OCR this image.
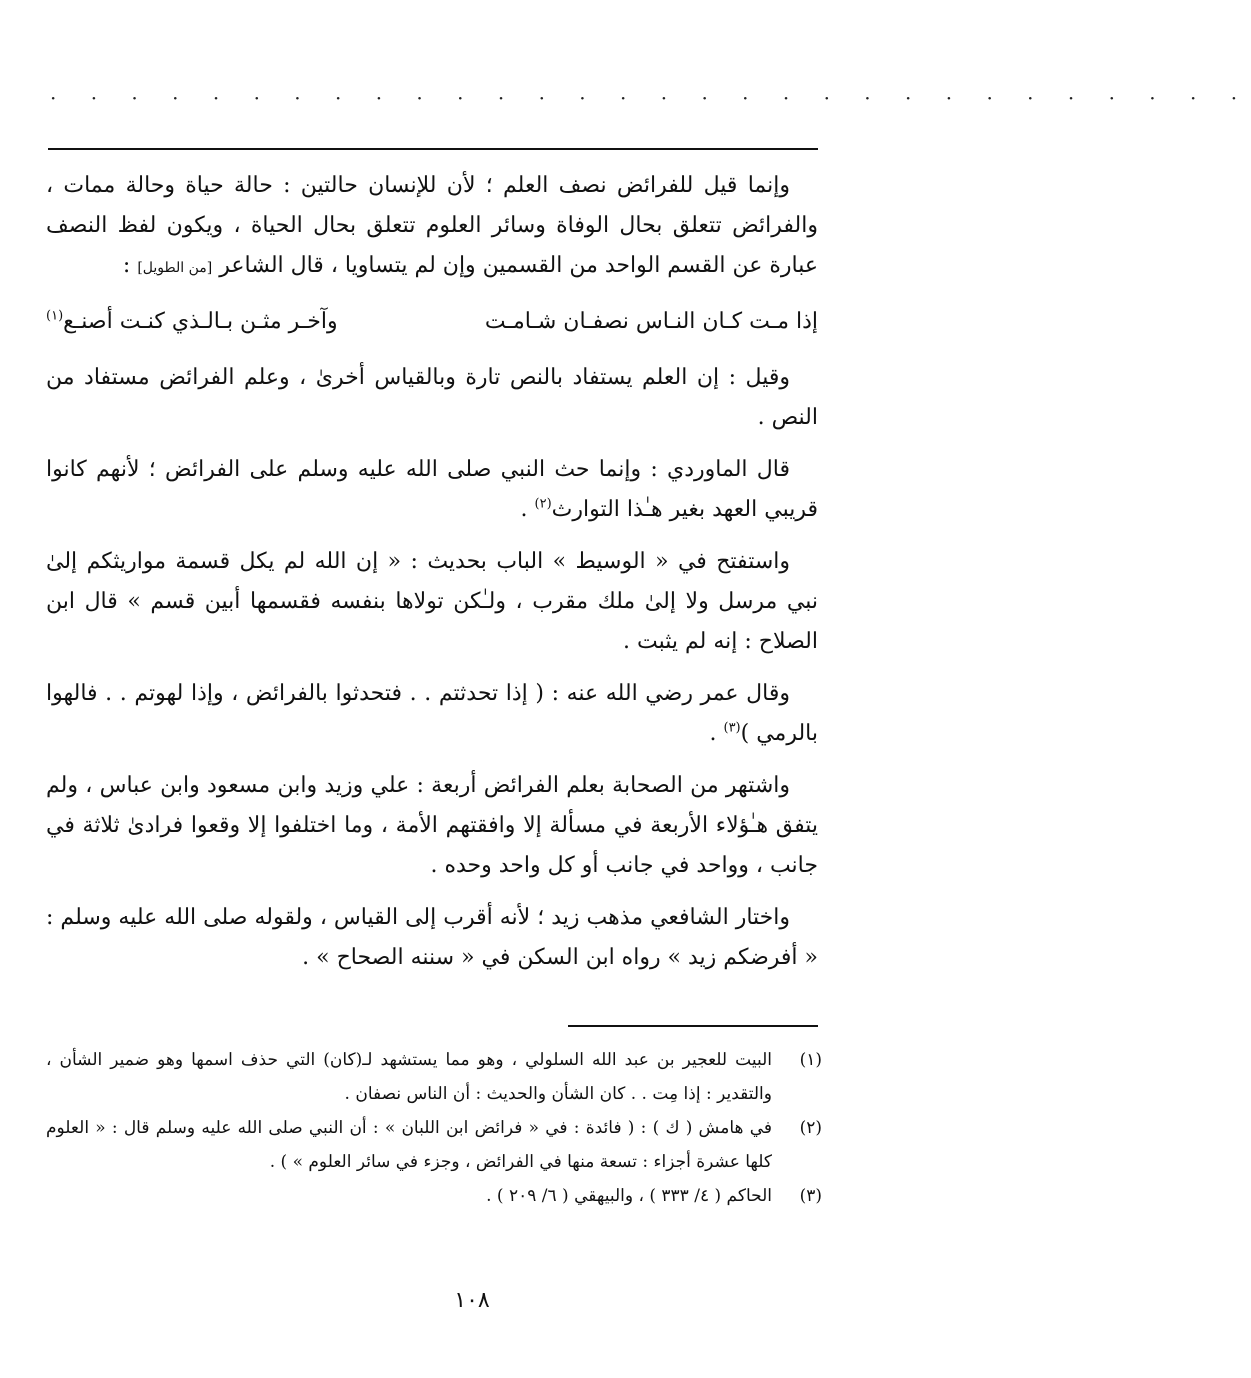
· · · · · · · · · · · · · · · · · · · · · · · · · · · · · ·

وإنما قيل للفرائض نصف العلم ؛ لأن للإنسان حالتين : حالة حياة وحالة ممات ، والفرائض تتعلق بحال الوفاة وسائر العلوم تتعلق بحال الحياة ، ويكون لفظ النصف عبارة عن القسم الواحد من القسمين وإن لم يتساويا ، قال الشاعر [من الطويل] :

إذا مـت كـان النـاس نصفـان شـامـت
وآخـر مثـن بـالـذي كنـت أصنـع$^{(١)}$

وقيل : إن العلم يستفاد بالنص تارة وبالقياس أخرىٰ ، وعلم الفرائض مستفاد من النص .

قال الماوردي : وإنما حث النبي صلى الله عليه وسلم على الفرائض ؛ لأنهم كانوا قريبي العهد بغير هـٰذا التوارث$^{(٢)}$ .

واستفتح في « الوسيط » الباب بحديث : « إن الله لم يكل قسمة مواريثكم إلىٰ نبي مرسل ولا إلىٰ ملك مقرب ، ولـٰكن تولاها بنفسه فقسمها أبين قسم » قال ابن الصلاح : إنه لم يثبت .

وقال عمر رضي الله عنه : ( إذا تحدثتم . . فتحدثوا بالفرائض ، وإذا لهوتم . . فالهوا بالرمي )$^{(٣)}$ .

واشتهر من الصحابة بعلم الفرائض أربعة : علي وزيد وابن مسعود وابن عباس ، ولم يتفق هـٰؤلاء الأربعة في مسألة إلا وافقتهم الأمة ، وما اختلفوا إلا وقعوا فرادىٰ ثلاثة في جانب ، وواحد في جانب أو كل واحد وحده .

واختار الشافعي مذهب زيد ؛ لأنه أقرب إلى القياس ، ولقوله صلى الله عليه وسلم : « أفرضكم زيد » رواه ابن السكن في « سننه الصحاح » .

(١)
البيت للعجير بن عبد الله السلولي ، وهو مما يستشهد لـ(كان) التي حذف اسمها وهو ضمير الشأن ، والتقدير : إذا مِت . . كان الشأن والحديث : أن الناس نصفان .
(٢)
في هامش ( ك ) : ( فائدة : في « فرائض ابن اللبان » : أن النبي صلى الله عليه وسلم قال : « العلوم كلها عشرة أجزاء : تسعة منها في الفرائض ، وجزء في سائر العلوم » ) .
(٣)
الحاكم ( ٤/ ٣٣٣ ) ، والبيهقي ( ٦/ ٢٠٩ ) .
١٠٨
